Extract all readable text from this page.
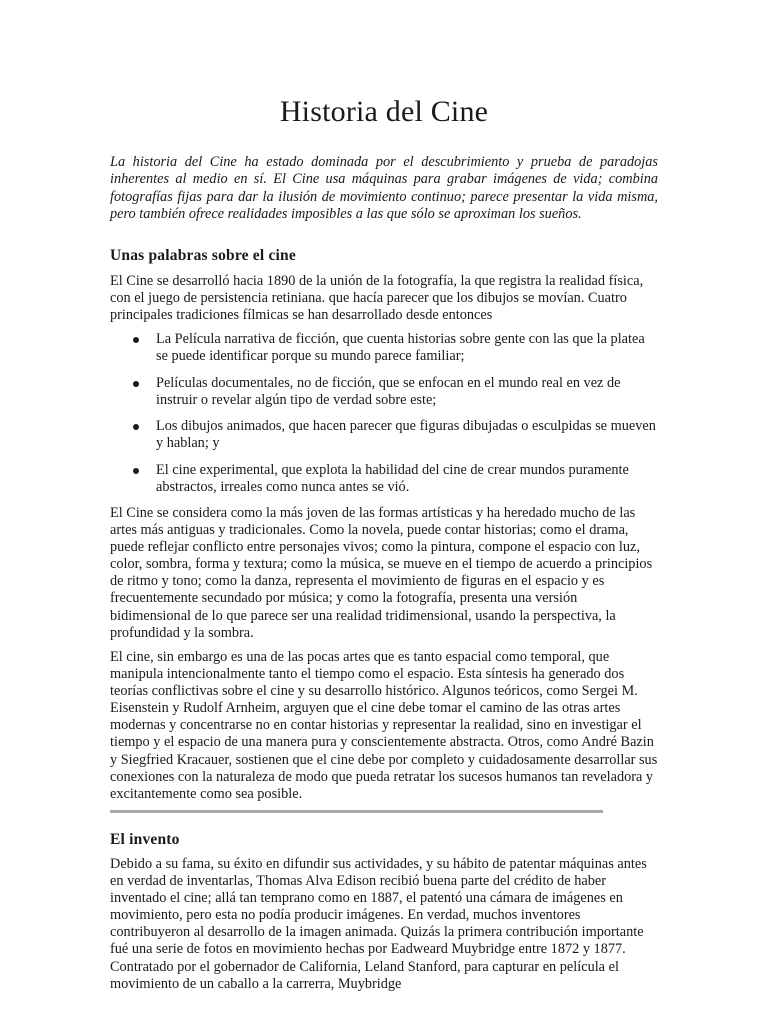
Historia del Cine

La historia del Cine ha estado dominada por el descubrimiento y prueba de paradojas inherentes al medio en sí. El Cine usa máquinas para grabar imágenes de vida; combina fotografías fijas para dar la ilusión de movimiento continuo; parece presentar la vida misma, pero también ofrece realidades imposibles a las que sólo se aproximan los sueños.

Unas palabras sobre el cine

El Cine se desarrolló hacia 1890 de la unión de la fotografía, la que registra la realidad física, con el juego de persistencia retiniana. que hacía parecer que los dibujos se movían. Cuatro principales tradiciones fílmicas se han desarrollado desde entonces

La Película narrativa de ficción, que cuenta historias sobre gente con las que la platea se puede identificar porque su mundo parece familiar;
Películas documentales, no de ficción, que se enfocan en el mundo real en vez de instruir o revelar algún tipo de verdad sobre este;
Los dibujos animados, que hacen parecer que figuras dibujadas o esculpidas se mueven y hablan; y
El cine experimental, que explota la habilidad del cine de crear mundos puramente abstractos, irreales como nunca antes se vió.

El Cine se considera como la más joven de las formas artísticas y ha heredado mucho de las artes más antiguas y tradicionales. Como la novela, puede contar historias; como el drama, puede reflejar conflicto entre personajes vivos; como la pintura, compone el espacio con luz, color, sombra, forma y textura; como la música, se mueve en el tiempo de acuerdo a principios de ritmo y tono; como la danza, representa el movimiento de figuras en el espacio y es frecuentemente secundado por música; y como la fotografía, presenta una versión bidimensional de lo que parece ser una realidad tridimensional, usando la perspectiva, la profundidad y la sombra.

El cine, sin embargo es una de las pocas artes que es tanto espacial como temporal, que manipula intencionalmente tanto el tiempo como el espacio. Esta síntesis ha generado dos teorías conflictivas sobre el cine y su desarrollo histórico. Algunos teóricos, como Sergei M. Eisenstein y Rudolf Arnheim, arguyen que el cine debe tomar el camino de las otras artes modernas y concentrarse no en contar historias y representar la realidad, sino en investigar el tiempo y el espacio de una manera pura y conscientemente abstracta. Otros, como André Bazin y Siegfried Kracauer, sostienen que el cine debe por completo y cuidadosamente desarrollar sus conexiones con la naturaleza de modo que pueda retratar los sucesos humanos tan reveladora y excitantemente como sea posible.

El invento

Debido a su fama, su éxito en difundir sus actividades, y su hábito de patentar máquinas antes en verdad de inventarlas, Thomas Alva Edison recibió buena parte del crédito de haber inventado el cine; allá tan temprano como en 1887, el patentó una cámara de imágenes en movimiento, pero esta no podía producir imágenes. En verdad, muchos inventores contribuyeron al desarrollo de la imagen animada. Quizás la primera contribución importante fué una serie de fotos en movimiento hechas por Eadweard Muybridge entre 1872 y 1877. Contratado por el gobernador de California, Leland Stanford, para capturar en película el movimiento de un caballo a la carrerra, Muybridge
